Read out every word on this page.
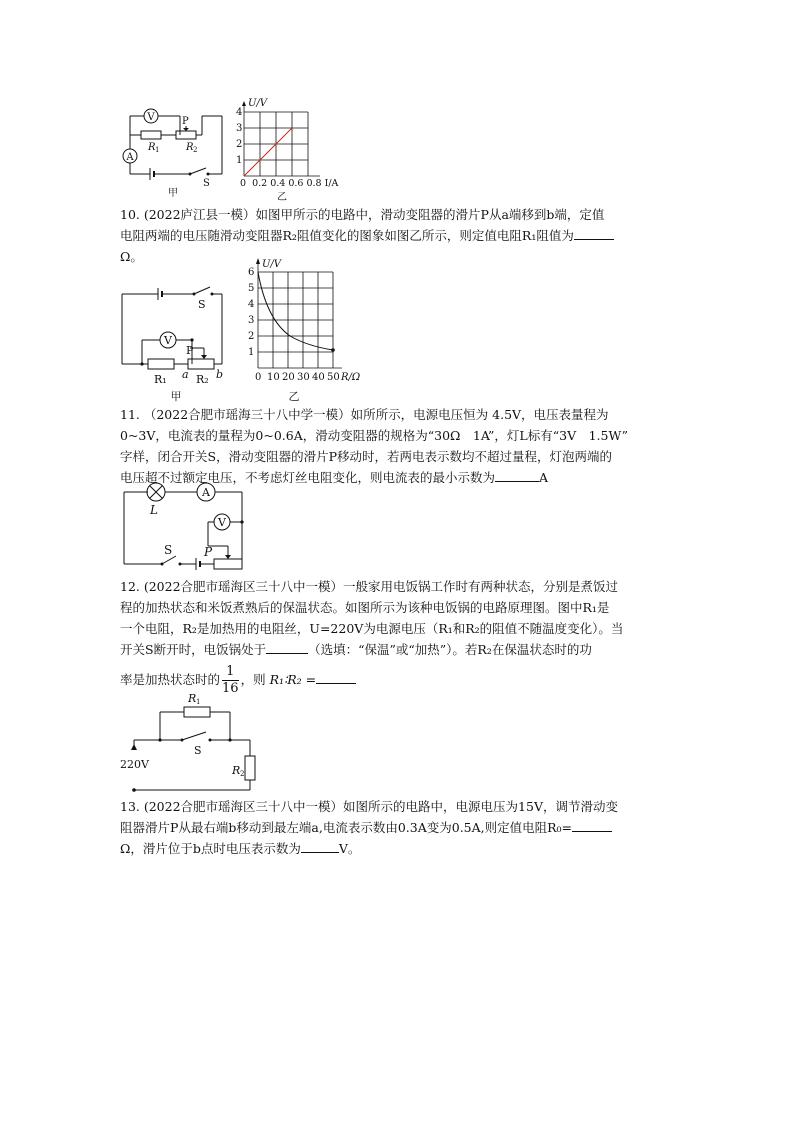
V
A
P
R 1	R 2
S
甲
U/V
1
2
3
4
0  0.2 0.4 0.6 0.8 I/A
乙
10. (2022庐江县一模）如图甲所示的电路中，滑动变阻器的滑片P从a端移到b端，定值
电阻两端的电压随滑动变阻器R₂阻值变化的图象如图乙所示，则定值电阻R₁阻值为
Ω。
V
S
P
R₁ a R₂ b
甲
U/V
1
2
3
4
5
6
0 10 20 30 40 50 R/Ω
乙
11. （2022合肥市瑶海三十八中学一模）如所所示，电源电压恒为 4.5V，电压表量程为
0~3V，电流表的量程为0~0.6A，滑动变阻器的规格为“30Ω　1A”，灯L标有“3V　1.5W”
字样，闭合开关S，滑动变阻器的滑片P移动时，若两电表示数均不超过量程，灯泡两端的
电压超不过额定电压，不考虑灯丝电阻变化，则电流表的最小示数为	A
L
A
V
S	P
12. (2022合肥市瑶海区三十八中一模）一般家用电饭锅工作时有两种状态，分别是煮饭过
程的加热状态和米饭煮熟后的保温状态。如图所示为该种电饭锅的电路原理图。图中R₁是
一个电阻，R₂是加热用的电阻丝，U=220V为电源电压（R₁和R₂的阻值不随温度变化）。当
开关S断开时，电饭锅处于	（选填：“保温”或“加热”）。若R₂在保温状态时的功
率是加热状态时的 $\frac{1}{16}$ ，则 R₁∶R₂ =
R 1
S
220V	R 2
13. (2022合肥市瑶海区三十八中一模）如图所示的电路中，电源电压为15V，调节滑动变
阻器滑片P从最右端b移动到最左端a,电流表示数由0.3A变为0.5A,则定值电阻R₀=
Ω，滑片位于b点时电压表示数为	V。
